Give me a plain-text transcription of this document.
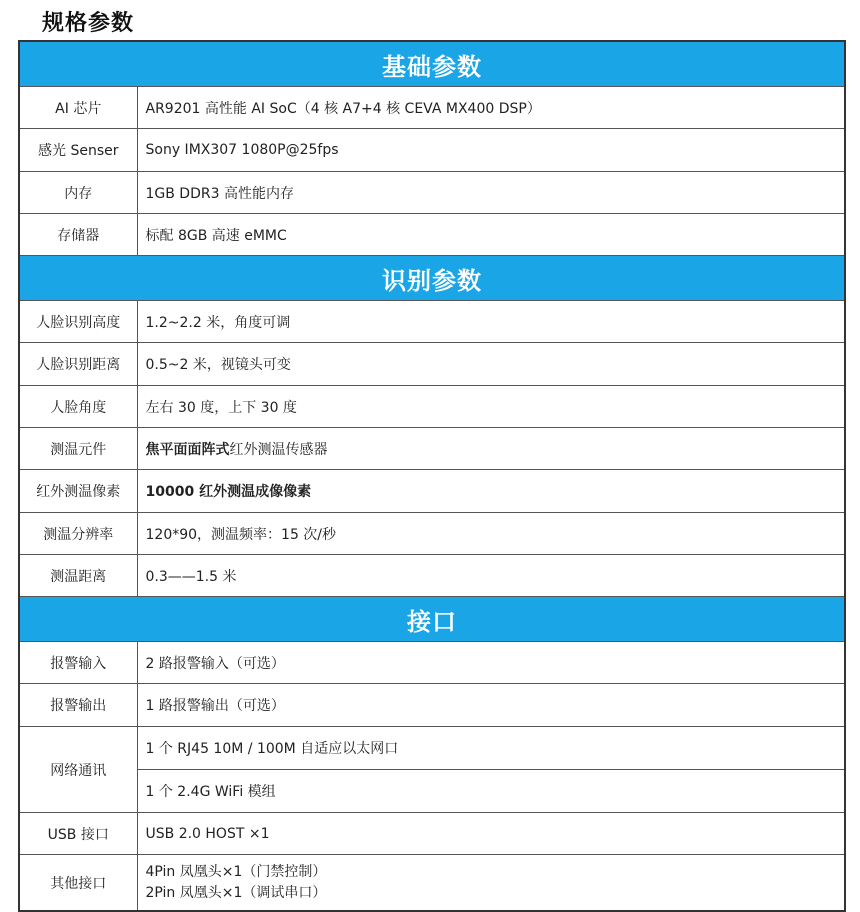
规格参数
基础参数	
AI 芯片	AR9201 高性能 AI SoC（4 核 A7+4 核 CEVA MX400 DSP）
感光 Senser	Sony IMX307 1080P@25fps
内存	1GB DDR3 高性能内存
存储器	标配 8GB 高速 eMMC
识别参数	
人脸识别高度	1.2~2.2 米，角度可调
人脸识别距离	0.5~2 米，视镜头可变
人脸角度	左右 30 度，上下 30 度
测温元件	焦平面面阵式红外测温传感器
红外测温像素	10000 红外测温成像像素
测温分辨率	120*90，测温频率：15 次/秒
测温距离	0.3——1.5 米
接口	
报警输入	2 路报警输入（可选）
报警输出	1 路报警输出（可选）
网络通讯	1 个 RJ45 10M / 100M 自适应以太网口
	1 个 2.4G WiFi 模组
USB 接口	USB 2.0 HOST ×1
其他接口	4Pin 凤凰头×1（门禁控制）
2Pin 凤凰头×1（调试串口）
